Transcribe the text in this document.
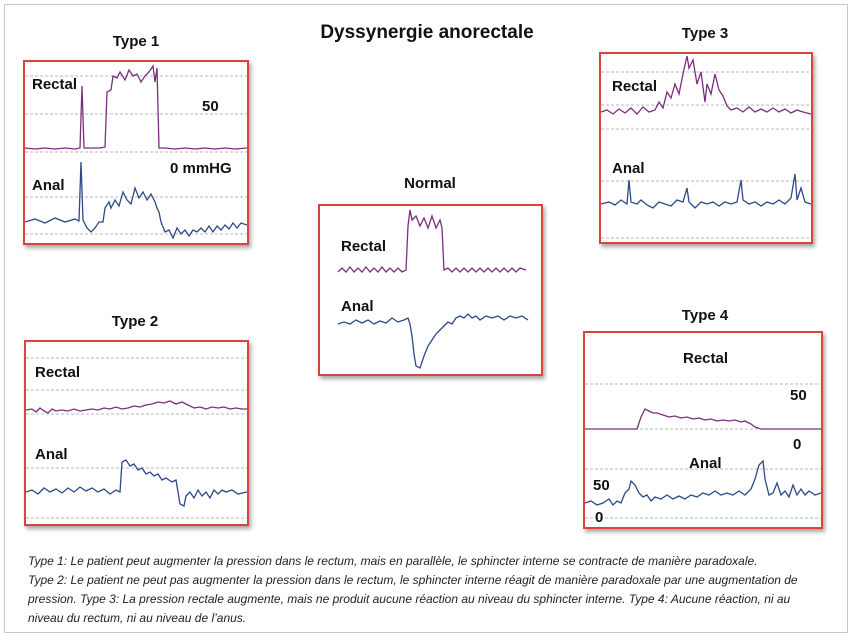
Dyssynergie anorectale
Type 1
Rectal
50
0 mmHG
Anal
Type 3
Rectal
Anal
Normal
Rectal
Anal
Type 2
Rectal
Anal
Type 4
Rectal
50
0
Anal
50
0

Type 1: Le patient peut augmenter la pression dans le rectum, mais en parallèle, le sphincter interne se contracte de manière paradoxale.

Type 2: Le patient ne peut pas augmenter la pression dans le rectum, le sphincter interne réagit de manière paradoxale par une augmentation de pression. Type 3: La pression rectale augmente, mais ne produit aucune réaction au niveau du sphincter interne. Type 4: Aucune réaction, ni au niveau du rectum, ni au niveau de l’anus.
